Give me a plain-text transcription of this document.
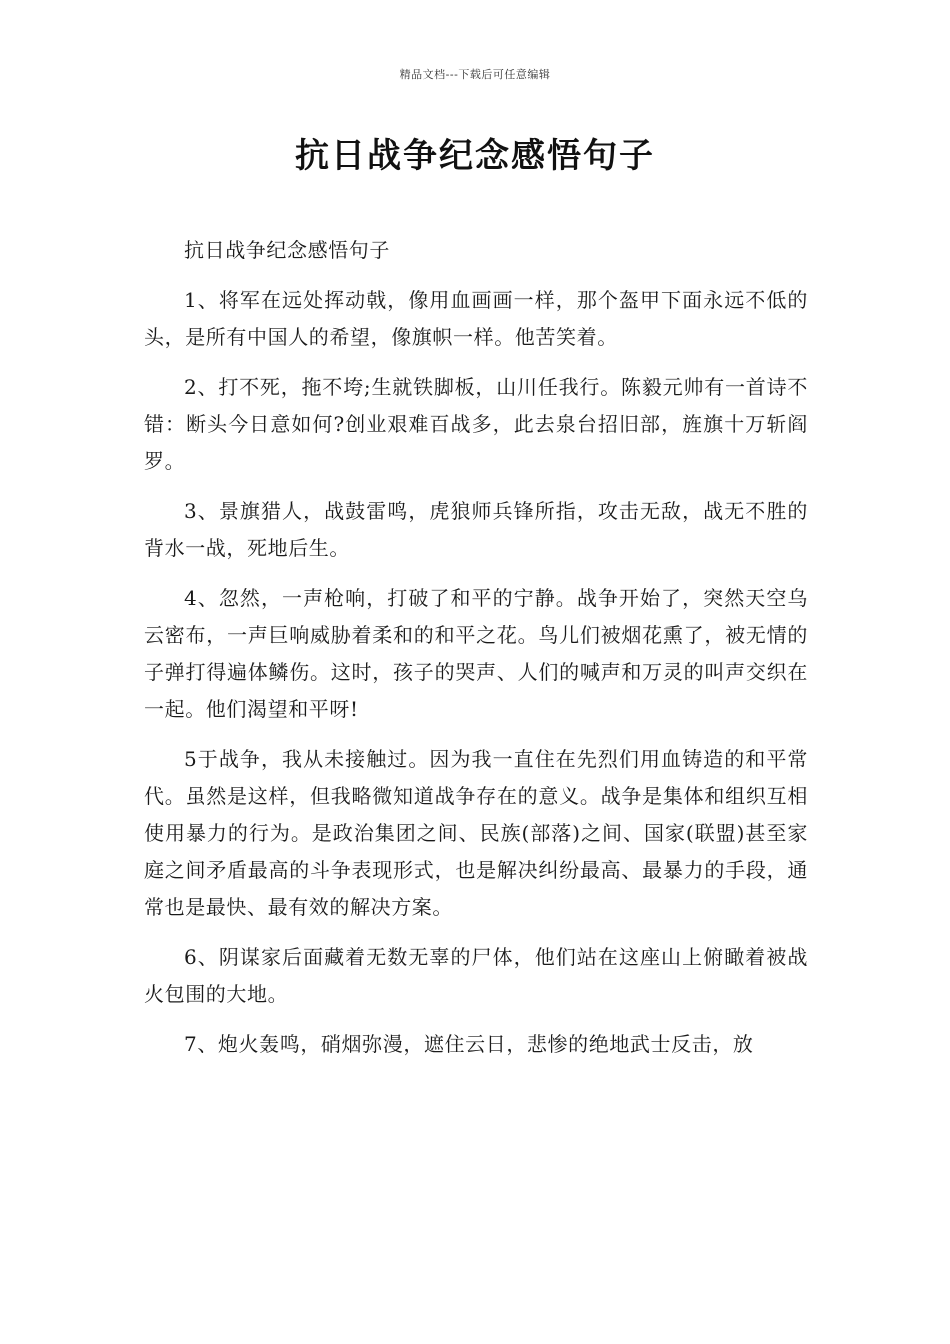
精品文档---下载后可任意编辑
抗日战争纪念感悟句子

抗日战争纪念感悟句子

1、将军在远处挥动戟，像用血画画一样，那个盔甲下面永远不低的头，是所有中国人的希望，像旗帜一样。他苦笑着。

2、打不死，拖不垮;生就铁脚板，山川任我行。陈毅元帅有一首诗不错：断头今日意如何?创业艰难百战多，此去泉台招旧部，旌旗十万斩阎罗。

3、景旗猎人，战鼓雷鸣，虎狼师兵锋所指，攻击无敌，战无不胜的背水一战，死地后生。

4、忽然，一声枪响，打破了和平的宁静。战争开始了，突然天空乌云密布，一声巨响威胁着柔和的和平之花。鸟儿们被烟花熏了，被无情的子弹打得遍体鳞伤。这时，孩子的哭声、人们的喊声和万灵的叫声交织在一起。他们渴望和平呀!

5于战争，我从未接触过。因为我一直住在先烈们用血铸造的和平常代。虽然是这样，但我略微知道战争存在的意义。战争是集体和组织互相使用暴力的行为。是政治集团之间、民族(部落)之间、国家(联盟)甚至家庭之间矛盾最高的斗争表现形式，也是解决纠纷最高、最暴力的手段，通常也是最快、最有效的解决方案。

6、阴谋家后面藏着无数无辜的尸体，他们站在这座山上俯瞰着被战火包围的大地。

7、炮火轰鸣，硝烟弥漫，遮住云日，悲惨的绝地武士反击，放
